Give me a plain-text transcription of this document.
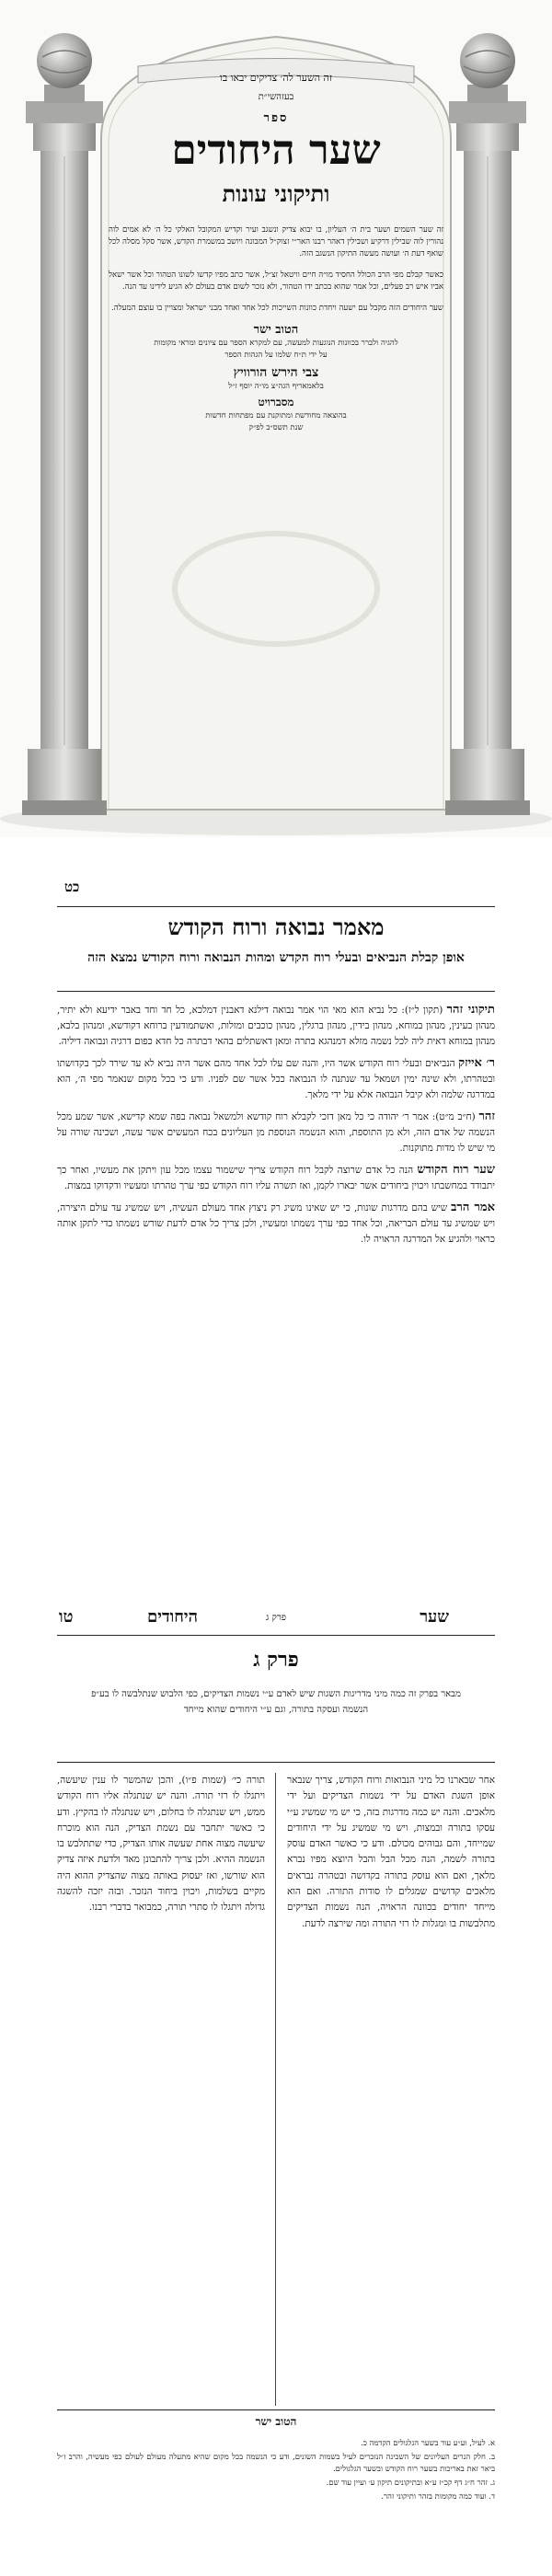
זה השער לה׳ צדיקים יבאו בו
בעזהשי״ת
ספר
שער היחודים
ותיקוני עונות

זה שער השמים ושער בית ה׳ העליון, בו יבוא צדיק ונשגב ועיר וקדיש המקובל האלקי כל ה׳ לא אמים לוה נהורין לוה שבילין דרקיע ושבילין דאהר רבנו האר״י זצוק״ל המבונה ויושב במשמרת הקדש, אשר סקל מסלה לכל שואף דעת ה׳ ועושה מעשה התיקון הנשגב הזה.

כאשר קבלם מפי הרב הכולל החסיד מו״ה חיים וויטאל זצ״ל, אשר כתב מפיו קדשו לשונו הטהור וכל אשר ישאל אביו איש רב פעלים, וכל אמר שהוא בכתב ידו הטהור, ולא נזכר לשום אדם בעולם לא הגיע לידינו עד הנה.

שער היחודים הזה מקבל עם ישעה ויחדת כוונות השייכות לכל אחד ואחד מבני ישראל ומצויין בו עוצם המעלה.

הטוב ישר
להגיה ולברר בכוונות הנוגעות למעשה, עם למקרא הספר עם ציונים ומראי מקומות
על ידי ת״ח שלמו על הגהות הספר
צבי הירש הורוויץ
בלאמאריף הגה״צ מו״ה יוסף ז״ל
מסברויט
בהוצאה מחודשת ומתוקנת עם מפתחות חדשות
שנת תשס״ב לפ״ק
כט
מאמר נבואה ורוח הקודש
אופן קבלת הנביאים ובעלי רוח הקדש ומהות הנבואה ורוח הקודש נמצא הזה

תיקוני זהר (תקון ל״ז): כל נביא הוא מאי הוי אמר נבואה דילנא דאבנין דמלכא, כל חד וחד באבר ידיעא ולא יתיר, מנהון בעינין, מנהון במוחא, מנהון בידין, מנהון ברגלין, מנהון כוכבים ומזלות, ואשתמודעין ברוחא דקודשא, ומנהון בלבא, מנהון במוחא דאית ליה לכל נשמה מזלא דמנהגא בתרה ומאן דאשתלים בהאי דבתרה כל חדא כפום דרגיה ונבואה דיליה.

ר׳ אייזק הנביאים ובעלי רוח הקודש אשר היו, והנה שם עלו לכל אחד מהם אשר היה נביא לא עד שירד לכך בקדושתו ובטהרתו, ולא שינה ימין ושמאל עד שנתנה לו הנבואה ככל אשר שם לפניו. ודע כי בכל מקום שנאמר מפי ה׳, הוא במדרגה שלמה ולא קיבל הנבואה אלא על ידי מלאך.

זהר (ח״ב מ״ט): אמר ר׳ יהודה כי כל מאן דזכי לקבלא רוח קודשא ולמשאל נבואה בפה שמא קדישא, אשר שמע מכל הנשמה של אדם הזה, ולא מן התוספת, והוא הנשמה הנוספת מן העליונים בכח המעשים אשר עשה, ושכינה שורה על מי שיש לו מדות מתוקנות.

שער רוח הקודש הנה כל אדם שרוצה לקבל רוח הקודש צריך שישמור עצמו מכל עון ויתקן את מעשיו, ואחר כך יתבודד במחשבתו ויכוין ביחודים אשר יבארו לקמן, ואז תשרה עליו רוח הקודש כפי ערך טהרתו ומעשיו ודקדוקו במצות.

אמר הרב שיש בהם מדרגות שונות, כי יש שאינו משיג רק ניצוץ אחד מעולם העשיה, ויש שמשיג עד עולם היצירה, ויש שמשיג עד עולם הבריאה, וכל אחד כפי ערך נשמתו ומעשיו, ולכן צריך כל אדם לדעת שורש נשמתו כדי לתקן אותה כראוי ולהגיע אל המדרגה הראויה לו.

טו	שער
פרק ג
היחודים
פרק ג
מבאר בפרק זה כמה מיני מדריגות השגות שיש לאדם ע״י נשמות הצדיקים, כפי הלבוש שנתלבשה לו בע״פ הנשמה ועסקה בתורה, וגם ע״י היחודים שהוא מייחד
אחר שבארנו כל מיני הנבואות ורוח הקודש, צריך שנבאר אופן השגת האדם על ידי נשמות הצדיקים ועל ידי מלאכים. והנה יש כמה מדרגות בזה, כי יש מי שמשיג ע״י עסקו בתורה ובמצות, ויש מי שמשיג על ידי היחודים שמייחד, והם גבוהים מכולם. ודע כי כאשר האדם עוסק בתורה לשמה, הנה מכל הבל והבל היוצא מפיו נברא מלאך, ואם הוא עוסק בתורה בקדושה ובטהרה נבראים מלאכים קדושים שמגלים לו סודות התורה. ואם הוא מייחד יחודים בכוונה הראויה, הנה נשמות הצדיקים מתלבשות בו ומגלות לו רזי התורה ומה שירצה לדעת.
תורה כי׳ (שמות פ״ו), והכן שהמשר לו ענין שיעשה, ויתגלו לו רזי תורה. והנה יש שנתגלה אליו רוח הקודש ממש, ויש שנתגלה לו בחלום, ויש שנתגלה לו בהקיץ. ודע כי כאשר יתחבר עם נשמת הצדיק, הנה הוא מוכרח שיעשה מצוה אחת שעשה אותו הצדיק, כדי שתתלבש בו הנשמה ההיא. ולכן צריך להתבונן מאד ולדעת איזה צדיק הוא שורשו, ואז יעסוק באותה מצוה שהצדיק ההוא היה מקיים בשלמות, ויכוין ביחוד הנזכר. ובזה יזכה להשגה גדולה ויתגלו לו סתרי תורה, כמבואר בדברי רבנו.
הטוב ישר

א. לעיל, וע״ע עוד בשער הגלגולים הקדמה כ.

ב. חלק הנרים העליונים של השכינה הנזכרים לעיל בשמות השונים, ודע כי הנשמה בכל מקום שהיא מתעלה מעולם לעולם כפי מעשיה, והרב ז״ל ביאר זאת באריכות בשער רוח הקודש ובשער הגלגולים.

ג. זהר ח״ג דף קכ״ז ע״א ובתיקונים תיקון ע׳ ועיין עוד שם.

ד. ועוד כמה מקומות בזהר ותיקוני זהר.
